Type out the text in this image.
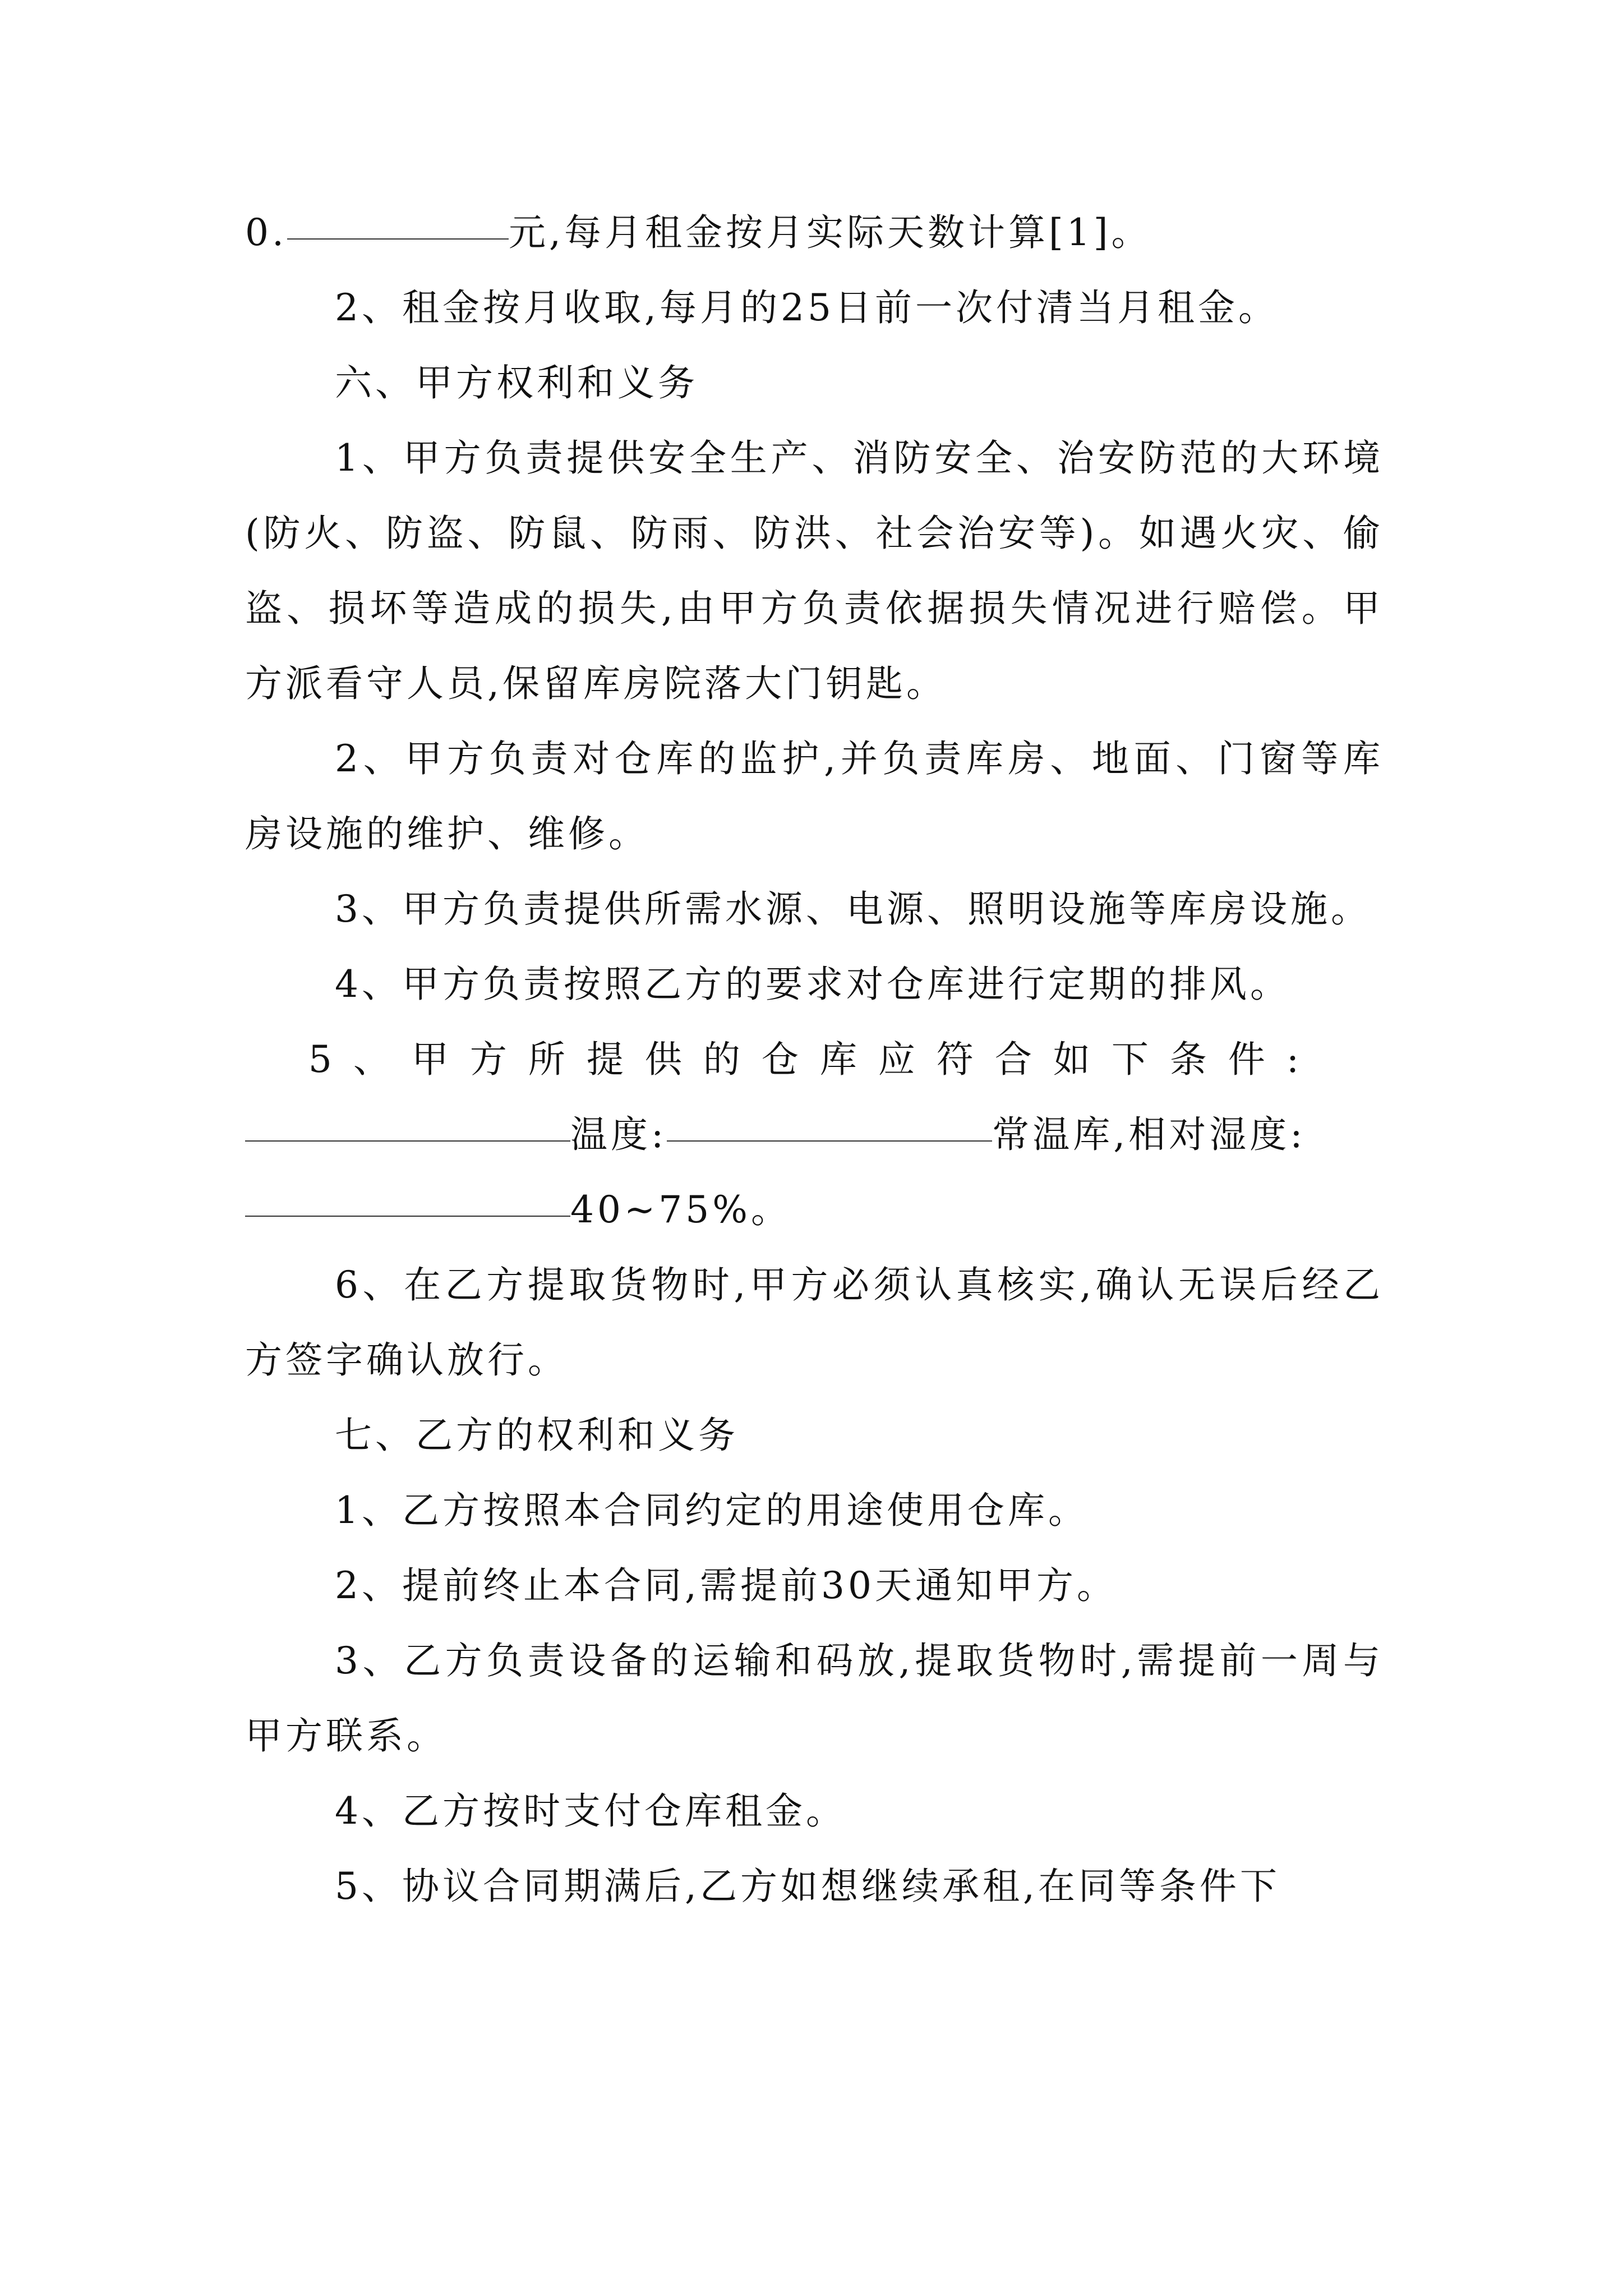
0.	元,每月租金按月实际天数计算[1]。

2、租金按月收取,每月的25日前一次付清当月租金。

六、甲方权利和义务

1、甲方负责提供安全生产、消防安全、治安防范的大环境(防火、防盗、防鼠、防雨、防洪、社会治安等)。如遇火灾、偷盗、损坏等造成的损失,由甲方负责依据损失情况进行赔偿。甲方派看守人员,保留库房院落大门钥匙。

2、甲方负责对仓库的监护,并负责库房、地面、门窗等库房设施的维护、维修。

3、甲方负责提供所需水源、电源、照明设施等库房设施。

4、甲方负责按照乙方的要求对仓库进行定期的排风。

5、甲方所提供的仓库应符合如下条件:

温度:	常温库,相对湿度:

40~75%。

6、在乙方提取货物时,甲方必须认真核实,确认无误后经乙方签字确认放行。

七、乙方的权利和义务

1、乙方按照本合同约定的用途使用仓库。

2、提前终止本合同,需提前30天通知甲方。

3、乙方负责设备的运输和码放,提取货物时,需提前一周与甲方联系。

4、乙方按时支付仓库租金。

5、协议合同期满后,乙方如想继续承租,在同等条件下
